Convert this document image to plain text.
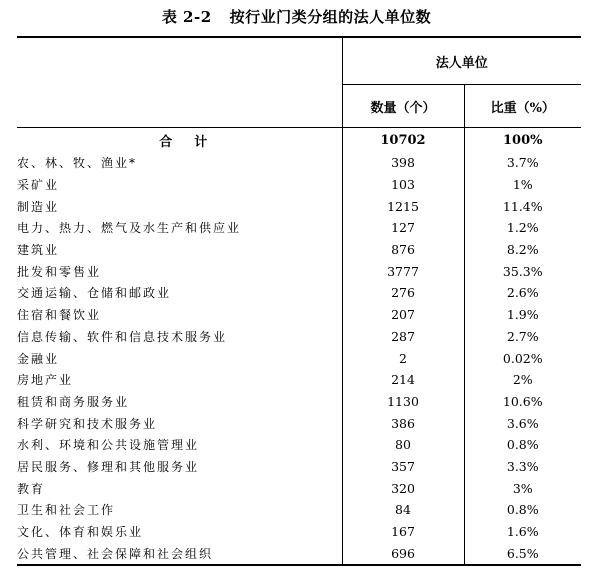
表 2-2 按行业门类分组的法人单位数
	法人单位	
	数量（个）	比重（%）
合计	10702	100%
农、林、牧、渔业*	398	3.7%
采矿业	103	1%
制造业	1215	11.4%
电力、热力、燃气及水生产和供应业	127	1.2%
建筑业	876	8.2%
批发和零售业	3777	35.3%
交通运输、仓储和邮政业	276	2.6%
住宿和餐饮业	207	1.9%
信息传输、软件和信息技术服务业	287	2.7%
金融业	2	0.02%
房地产业	214	2%
租赁和商务服务业	1130	10.6%
科学研究和技术服务业	386	3.6%
水利、环境和公共设施管理业	80	0.8%
居民服务、修理和其他服务业	357	3.3%
教育	320	3%
卫生和社会工作	84	0.8%
文化、体育和娱乐业	167	1.6%
公共管理、社会保障和社会组织	696	6.5%
